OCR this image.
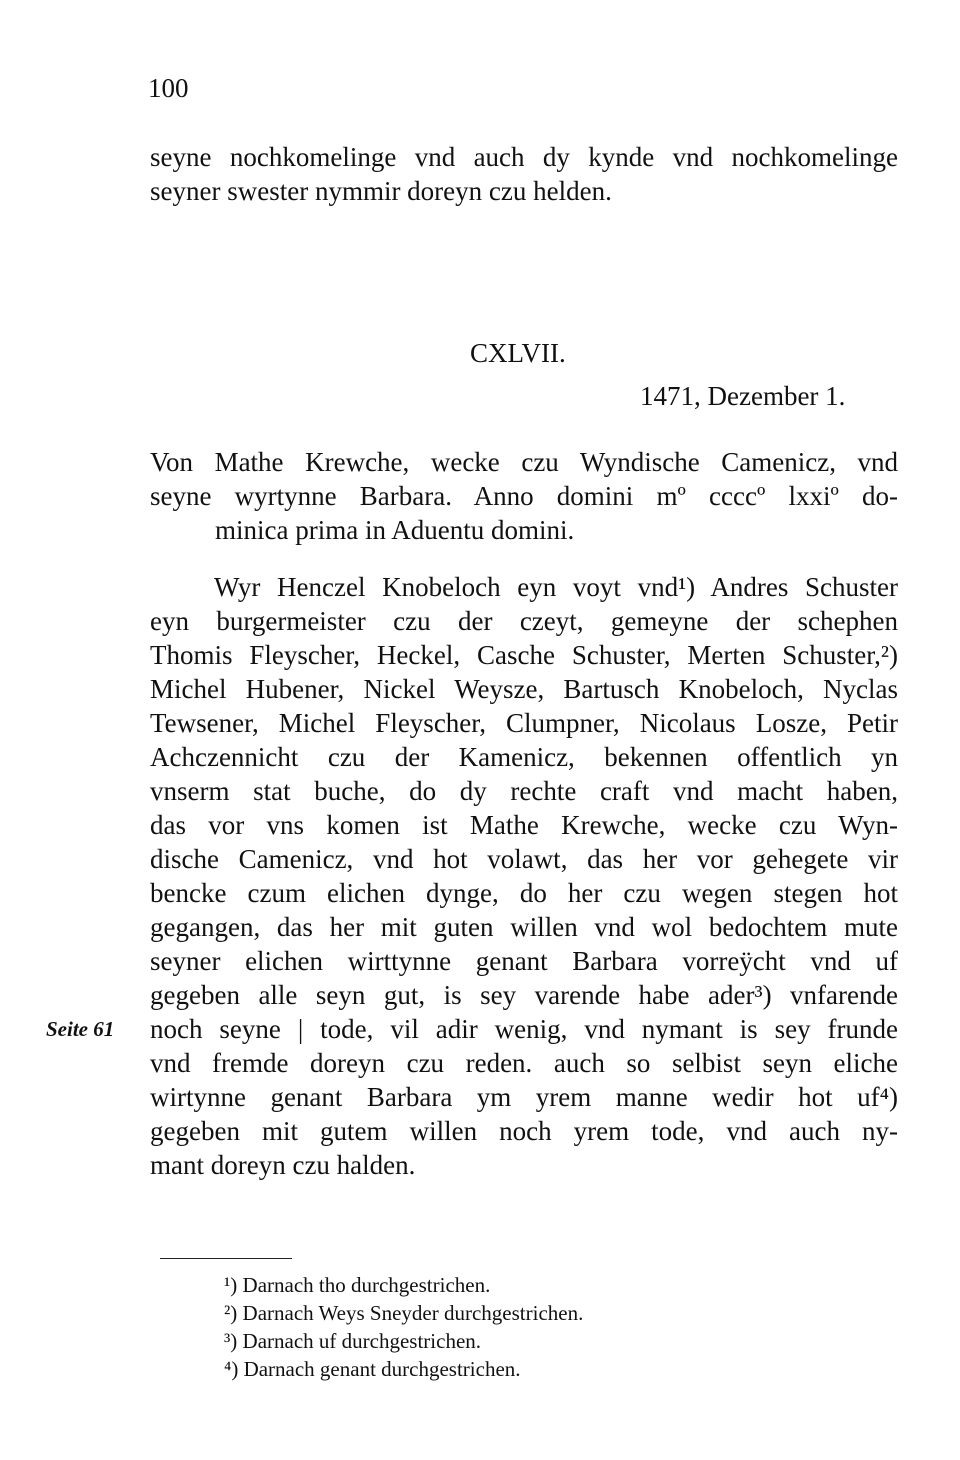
100
seyne nochkomelinge vnd auch dy kynde vnd nochkomelinge
seyner swester nymmir doreyn czu helden.
CXLVII.
1471, Dezember 1.
Von Mathe Krewche, wecke czu Wyndische Camenicz, vnd
seyne wyrtynne Barbara. Anno domini mº ccccº lxxiº do-
minica prima in Aduentu domini.
Wyr Henczel Knobeloch eyn voyt vnd¹) Andres Schuster
eyn burgermeister czu der czeyt, gemeyne der schephen
Thomis Fleyscher, Heckel, Casche Schuster, Merten Schuster,²)
Michel Hubener, Nickel Weysze, Bartusch Knobeloch, Nyclas
Tewsener, Michel Fleyscher, Clumpner, Nicolaus Losze, Petir
Achczennicht czu der Kamenicz, bekennen offentlich yn
vnserm stat buche, do dy rechte craft vnd macht haben,
das vor vns komen ist Mathe Krewche, wecke czu Wyn-
dische Camenicz, vnd hot volawt, das her vor gehegete vir
bencke czum elichen dynge, do her czu wegen stegen hot
gegangen, das her mit guten willen vnd wol bedochtem mute
seyner elichen wirttynne genant Barbara vorreÿcht vnd uf
gegeben alle seyn gut, is sey varende habe ader³) vnfarende
noch seyne | tode, vil adir wenig, vnd nymant is sey frunde
vnd fremde doreyn czu reden. auch so selbist seyn eliche
wirtynne genant Barbara ym yrem manne wedir hot uf⁴)
gegeben mit gutem willen noch yrem tode, vnd auch ny-
mant doreyn czu halden.
Seite 61
¹) Darnach tho durchgestrichen.
²) Darnach Weys Sneyder durchgestrichen.
³) Darnach uf durchgestrichen.
⁴) Darnach genant durchgestrichen.
